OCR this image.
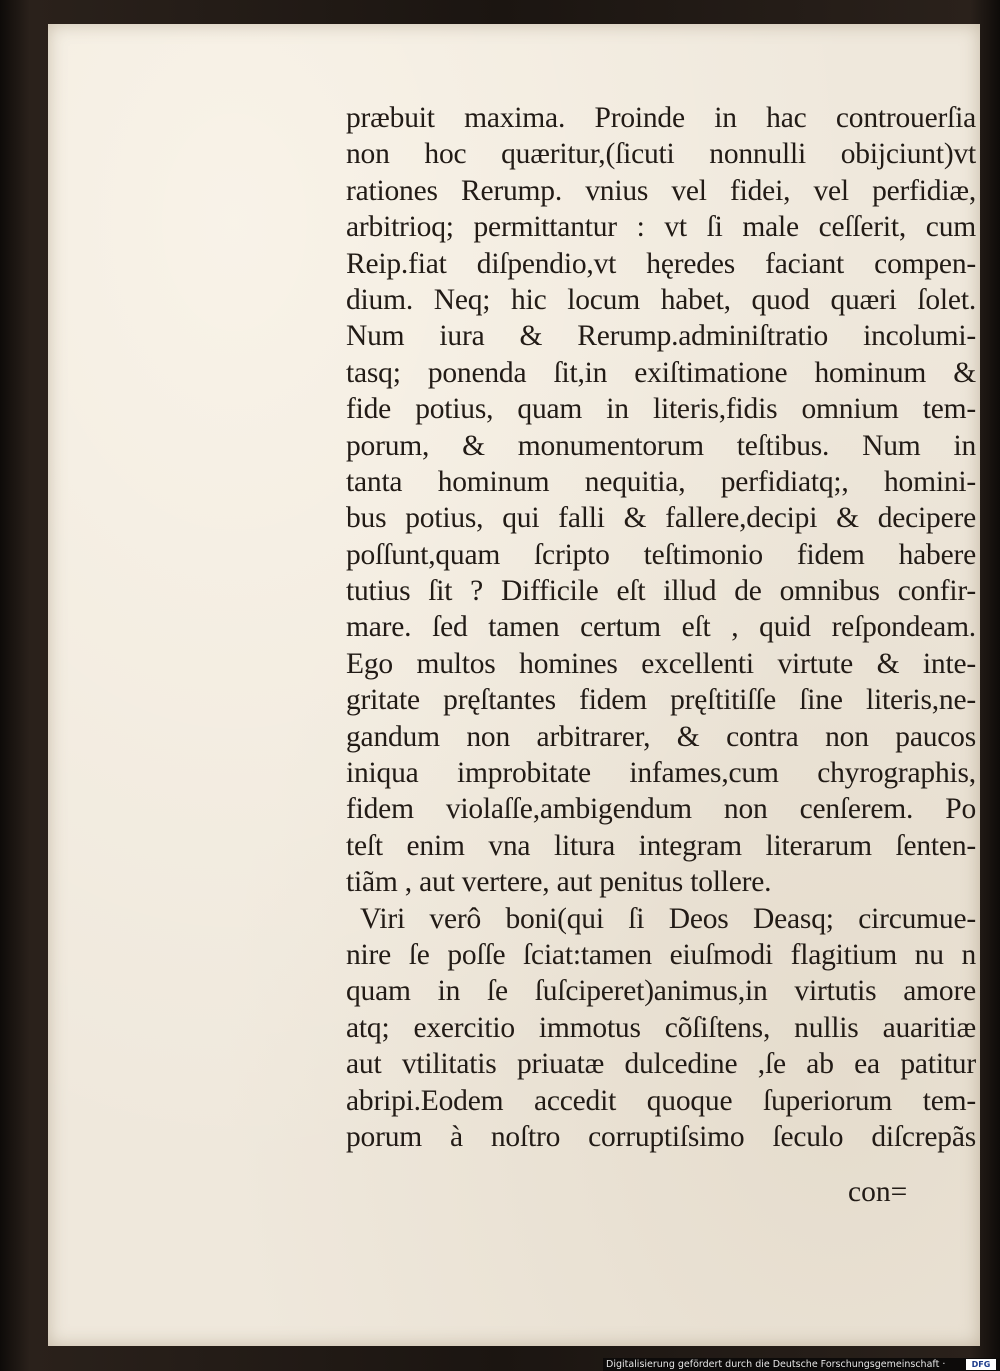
præbuit maxima. Proinde in hac controuerſia
non hoc quæritur,(ſicuti nonnulli obijciunt)vt
rationes Rerump. vnius vel fidei, vel perfidiæ,
arbitrioq; permittantur : vt ſi male ceſſerit, cum
Reip.fiat diſpendio,vt hęredes faciant compen-
dium. Neq; hic locum habet, quod quæri ſolet.
Num iura & Rerump.adminiſtratio incolumi-
tasq; ponenda ſit,in exiſtimatione hominum &
fide potius, quam in literis,fidis omnium tem-
porum, & monumentorum teſtibus. Num in
tanta hominum nequitia, perfidiatq;, homini-
bus potius, qui falli & fallere,decipi & decipere
poſſunt,quam ſcripto teſtimonio fidem habere
tutius ſit ? Difficile eſt illud de omnibus confir-
mare. ſed tamen certum eſt , quid reſpondeam.
Ego multos homines excellenti virtute & inte-
gritate pręſtantes fidem pręſtitiſſe ſine literis,ne-
gandum non arbitrarer, & contra non paucos
iniqua improbitate infames,cum chyrographis,
fidem violaſſe,ambigendum non cenſerem. Po
teſt enim vna litura integram literarum ſenten-
tiãm , aut vertere, aut penitus tollere.
Viri verô boni(qui ſi Deos Deasq; circumue-
nire ſe poſſe ſciat:tamen eiuſmodi flagitium nu n
quam in ſe ſuſciperet)animus,in virtutis amore
atq; exercitio immotus cõſiſtens, nullis auaritiæ
aut vtilitatis priuatæ dulcedine ,ſe ab ea patitur
abripi.Eodem accedit quoque ſuperiorum tem-
porum à noſtro corruptiſsimo ſeculo diſcrepãs
con=
Digitalisierung gefördert durch die Deutsche Forschungsgemeinschaft ·	DFG
